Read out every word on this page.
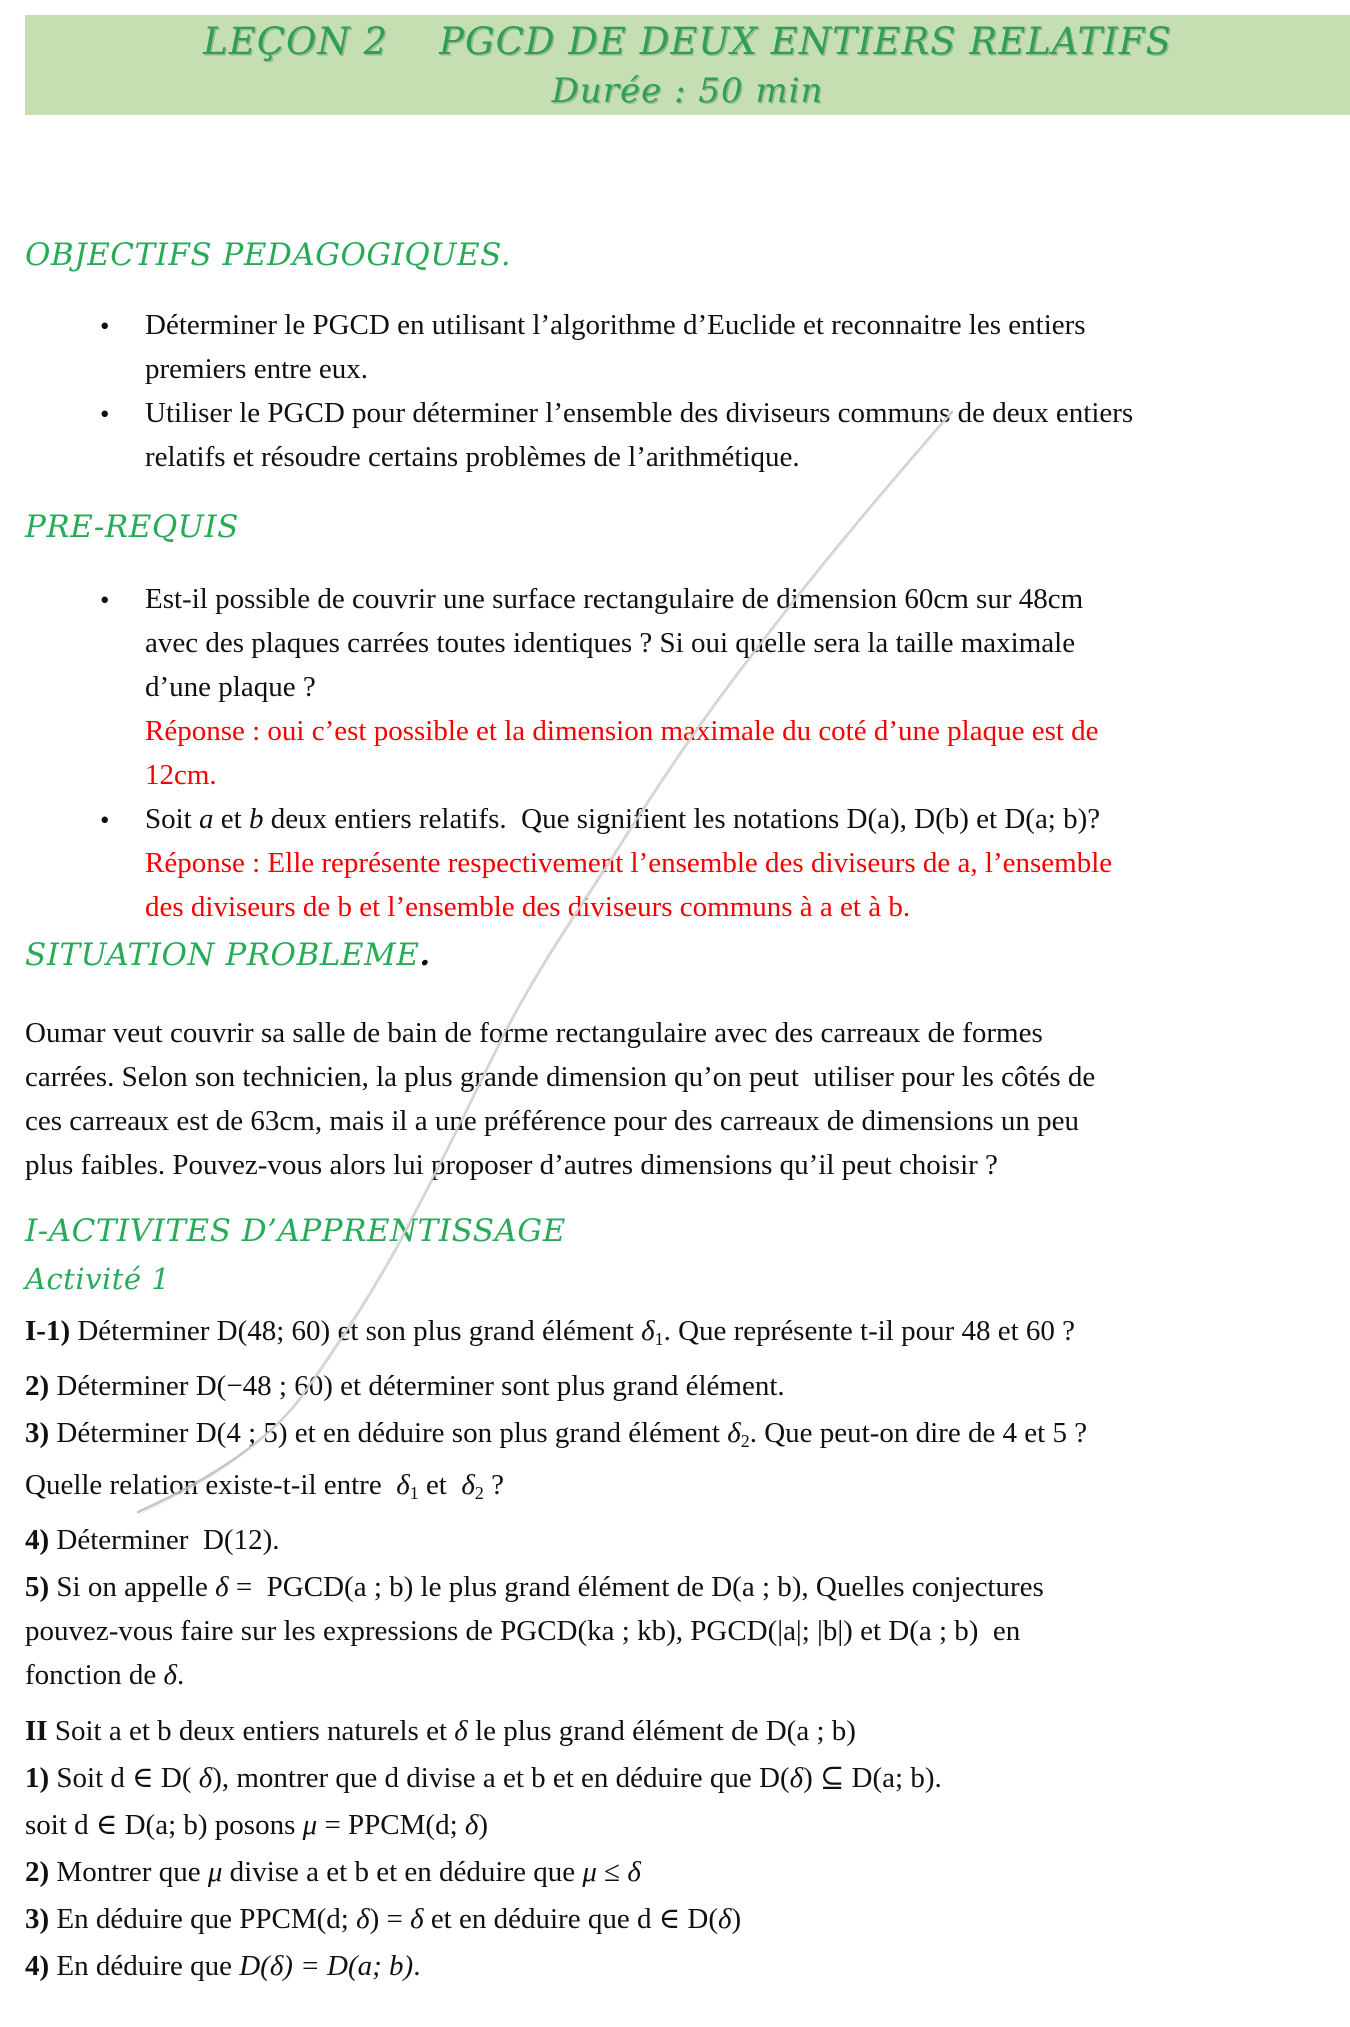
LEÇON 2    PGCD DE DEUX ENTIERS RELATIFS
Durée : 50 min
OBJECTIFS PEDAGOGIQUES.
• Déterminer le PGCD en utilisant l’algorithme d’Euclide et reconnaitre les entiers
premiers entre eux.
• Utiliser le PGCD pour déterminer l’ensemble des diviseurs communs de deux entiers
relatifs et résoudre certains problèmes de l’arithmétique.
PRE-REQUIS
• Est-il possible de couvrir une surface rectangulaire de dimension 60cm sur 48cm
avec des plaques carrées toutes identiques ? Si oui quelle sera la taille maximale
d’une plaque ?
Réponse : oui c’est possible et la dimension maximale du coté d’une plaque est de
12cm.
• Soit a et b deux entiers relatifs.  Que signifient les notations D(a), D(b) et D(a; b)?
Réponse : Elle représente respectivement l’ensemble des diviseurs de a, l’ensemble
des diviseurs de b et l’ensemble des diviseurs communs à a et à b.
SITUATION PROBLEME.
Oumar veut couvrir sa salle de bain de forme rectangulaire avec des carreaux de formes
carrées. Selon son technicien, la plus grande dimension qu’on peut  utiliser pour les côtés de
ces carreaux est de 63cm, mais il a une préférence pour des carreaux de dimensions un peu
plus faibles. Pouvez-vous alors lui proposer d’autres dimensions qu’il peut choisir ?
I-ACTIVITES D’APPRENTISSAGE
Activité 1
I-1) Déterminer D(48; 60) et son plus grand élément δ1. Que représente t-il pour 48 et 60 ?
2) Déterminer D(−48 ; 60) et déterminer sont plus grand élément.
3) Déterminer D(4 ; 5) et en déduire son plus grand élément δ2. Que peut-on dire de 4 et 5 ?
Quelle relation existe-t-il entre  δ1 et  δ2 ?
4) Déterminer  D(12).
5) Si on appelle δ =  PGCD(a ; b) le plus grand élément de D(a ; b), Quelles conjectures
pouvez-vous faire sur les expressions de PGCD(ka ; kb), PGCD(|a|; |b|) et D(a ; b)  en
fonction de δ.
II Soit a et b deux entiers naturels et δ le plus grand élément de D(a ; b)
1) Soit d ∈ D( δ), montrer que d divise a et b et en déduire que D(δ) ⊆ D(a; b).
soit d ∈ D(a; b) posons μ = PPCM(d; δ)
2) Montrer que μ divise a et b et en déduire que μ ≤ δ
3) En déduire que PPCM(d; δ) = δ et en déduire que d ∈ D(δ)
4) En déduire que D(δ) = D(a; b).
